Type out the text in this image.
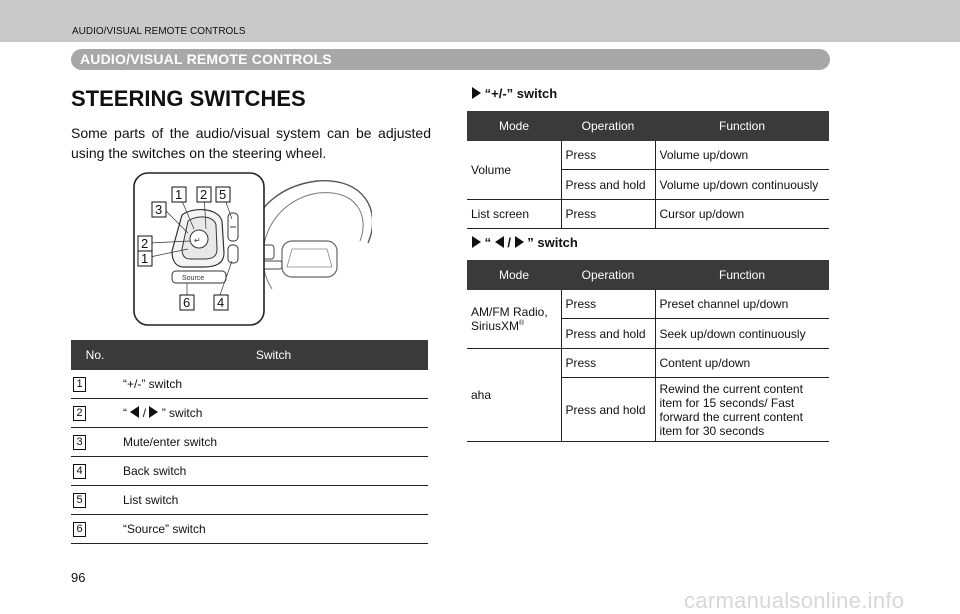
AUDIO/VISUAL REMOTE CONTROLS
AUDIO/VISUAL REMOTE CONTROLS
STEERING SWITCHES
Some parts of the audio/visual system can be adjusted using the switches on the steering wheel.
↵
Source
1 2 5
3
2
1
6 4
No.	Switch
1	“+/-” switch
2	“ / ” switch
3	Mute/enter switch
4	Back switch
5	List switch
6	“Source” switch
“+/-” switch
Mode	Operation	Function
Volume	Press	Volume up/down
	Press and hold	Volume up/down continuously
List screen	Press	Cursor up/down
“ / ” switch
Mode	Operation	Function
AM/FM Radio,
SiriusXM®	Press	Preset channel up/down
	Press and hold	Seek up/down continuously
aha	Press	Content up/down
	Press and hold	Rewind the current content item for 15 seconds/ Fast forward the current content item for 30 seconds
96
carmanualsonline.info
